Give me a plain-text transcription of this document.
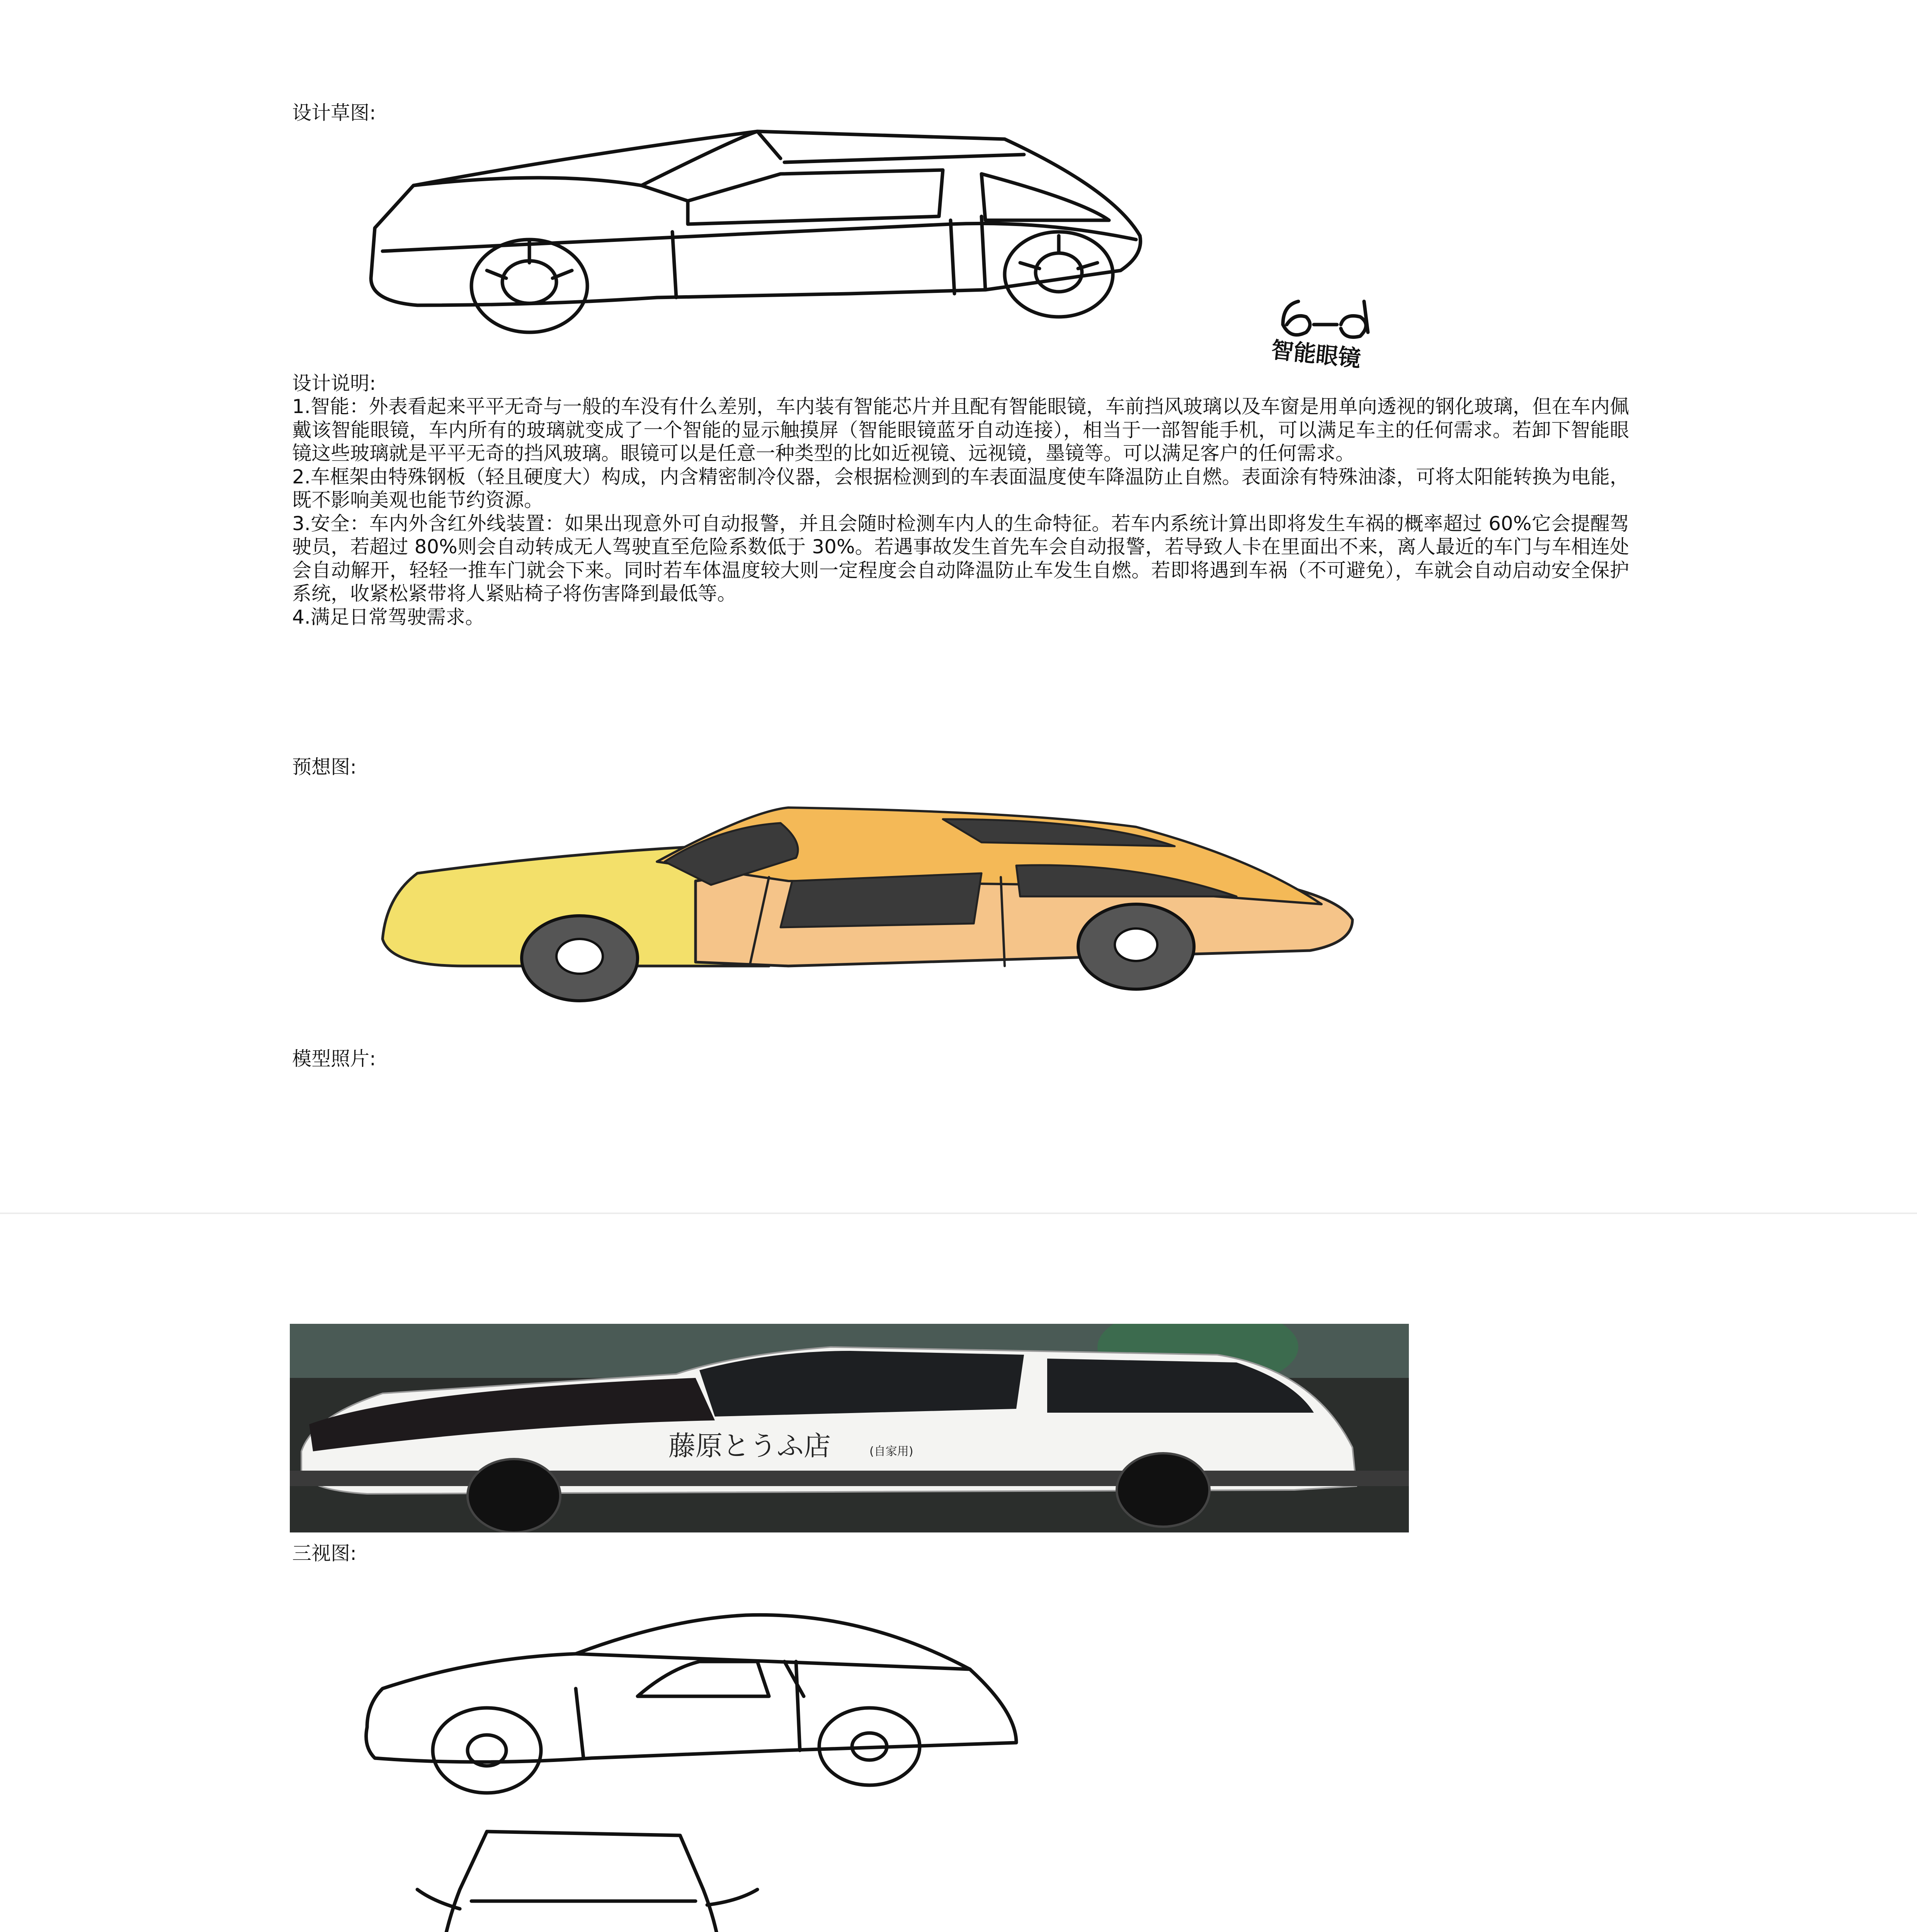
设计草图:
智能眼镜
设计说明:

1.智能：外表看起来平平无奇与一般的车没有什么差别，车内装有智能芯片并且配有智能眼镜，车前挡风玻璃以及车窗是用单向透视的钢化玻璃，但在车内佩戴该智能眼镜，车内所有的玻璃就变成了一个智能的显示触摸屏（智能眼镜蓝牙自动连接），相当于一部智能手机，可以满足车主的任何需求。若卸下智能眼镜这些玻璃就是平平无奇的挡风玻璃。眼镜可以是任意一种类型的比如近视镜、远视镜，墨镜等。可以满足客户的任何需求。

2.车框架由特殊钢板（轻且硬度大）构成，内含精密制冷仪器，会根据检测到的车表面温度使车降温防止自燃。表面涂有特殊油漆，可将太阳能转换为电能，既不影响美观也能节约资源。

3.安全：车内外含红外线装置：如果出现意外可自动报警，并且会随时检测车内人的生命特征。若车内系统计算出即将发生车祸的概率超过 60%它会提醒驾驶员，若超过 80%则会自动转成无人驾驶直至危险系数低于 30%。若遇事故发生首先车会自动报警，若导致人卡在里面出不来，离人最近的车门与车相连处会自动解开，轻轻一推车门就会下来。同时若车体温度较大则一定程度会自动降温防止车发生自燃。若即将遇到车祸（不可避免），车就会自动启动安全保护系统，收紧松紧带将人紧贴椅子将伤害降到最低等。

4.满足日常驾驶需求。

预想图:
模型照片:
藤原とうふ店	(自家用)
三视图:
